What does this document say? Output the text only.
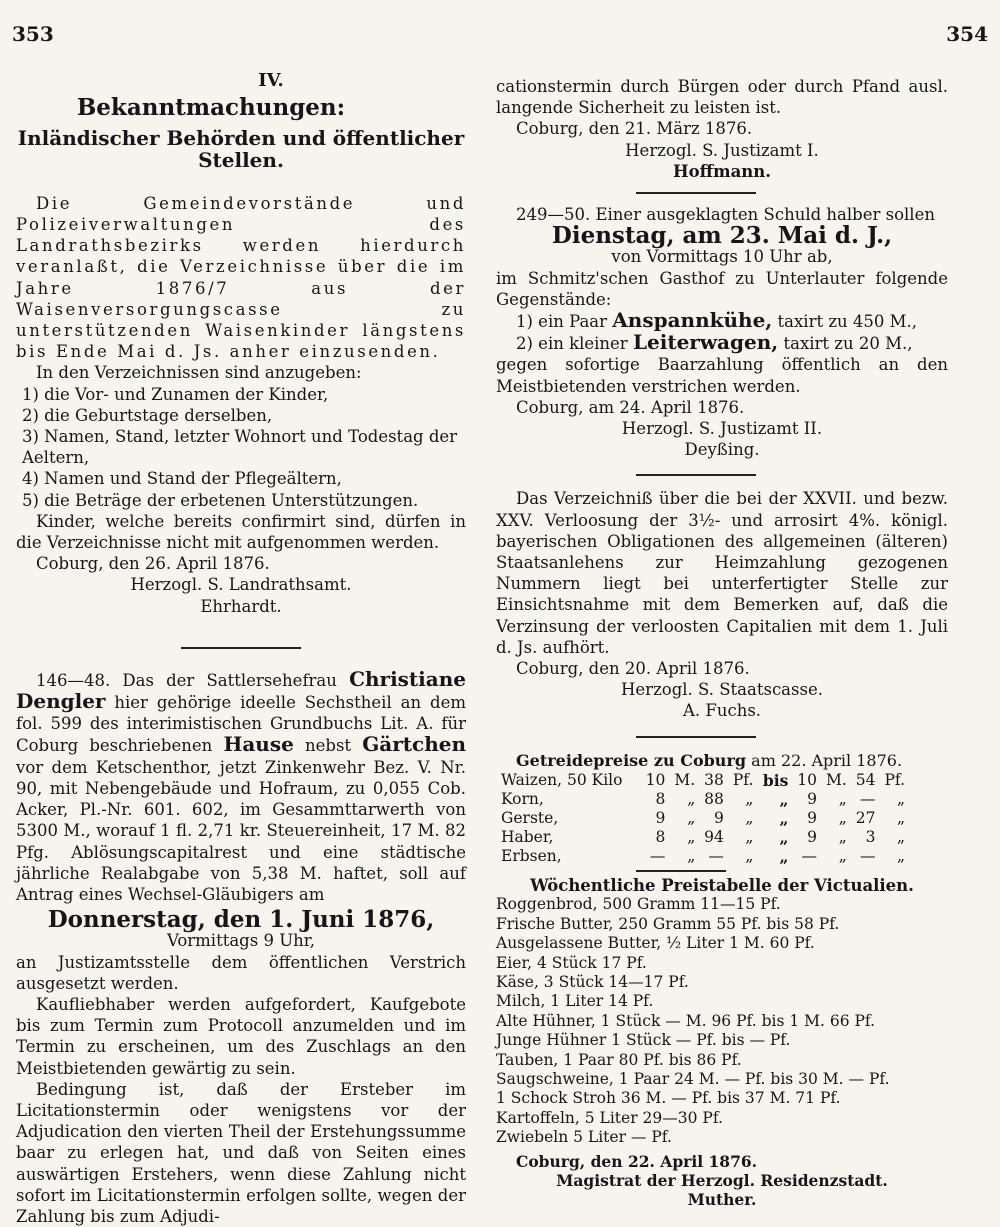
353	354

IV.

Bekanntmachungen:

Inländischer Behörden und öffentlicher Stellen.

Die Gemeindevorstände und Polizeiverwaltungen des Landrathsbezirks werden hierdurch veranlaßt, die Verzeichnisse über die im Jahre 1876/7 aus der Waisenversorgungscasse zu unterstützenden Waisenkinder längstens bis Ende Mai d. Js. anher einzusenden.

In den Verzeichnissen sind anzugeben:

1) die Vor- und Zunamen der Kinder,

2) die Geburtstage derselben,

3) Namen, Stand, letzter Wohnort und Todestag der Aeltern,

4) Namen und Stand der Pflegeältern,

5) die Beträge der erbetenen Unterstützungen.

Kinder, welche bereits confirmirt sind, dürfen in die Verzeichnisse nicht mit aufgenommen werden.

Coburg, den 26. April 1876.

Herzogl. S. Landrathsamt.

Ehrhardt.

146—48. Das der Sattlersehefrau Christiane Dengler hier gehörige ideelle Sechstheil an dem fol. 599 des interimistischen Grundbuchs Lit. A. für Coburg beschriebenen Hause nebst Gärtchen vor dem Ketschenthor, jetzt Zinkenwehr Bez. V. Nr. 90, mit Nebengebäude und Hofraum, zu 0,055 Cob. Acker, Pl.-Nr. 601. 602, im Gesammttarwerth von 5300 M., worauf 1 fl. 2,71 kr. Steuereinheit, 17 M. 82 Pfg. Ablösungscapitalrest und eine städtische jährliche Realabgabe von 5,38 M. haftet, soll auf Antrag eines Wechsel-Gläubigers am

Donnerstag, den 1. Juni 1876,

Vormittags 9 Uhr,

an Justizamtsstelle dem öffentlichen Verstrich ausgesetzt werden.

Kaufliebhaber werden aufgefordert, Kaufgebote bis zum Termin zum Protocoll anzumelden und im Termin zu erscheinen, um des Zuschlags an den Meistbietenden gewärtig zu sein.

Bedingung ist, daß der Ersteber im Licitationstermin oder wenigstens vor der Adjudication den vierten Theil der Erstehungssumme baar zu erlegen hat, und daß von Seiten eines auswärtigen Erstehers, wenn diese Zahlung nicht sofort im Licitationstermin erfolgen sollte, wegen der Zahlung bis zum Adjudi-

cationstermin durch Bürgen oder durch Pfand ausl. langende Sicherheit zu leisten ist.

Coburg, den 21. März 1876.

Herzogl. S. Justizamt I.

Hoffmann.

249—50. Einer ausgeklagten Schuld halber sollen

Dienstag, am 23. Mai d. J.,

von Vormittags 10 Uhr ab,

im Schmitz'schen Gasthof zu Unterlauter folgende Gegenstände:

1) ein Paar Anspannkühe, taxirt zu 450 M.,

2) ein kleiner Leiterwagen, taxirt zu 20 M.,

gegen sofortige Baarzahlung öffentlich an den Meistbietenden verstrichen werden.

Coburg, am 24. April 1876.

Herzogl. S. Justizamt II.

Deyßing.

Das Verzeichniß über die bei der XXVII. und bezw. XXV. Verloosung der 3½- und arrosirt 4%. königl. bayerischen Obligationen des allgemeinen (älteren) Staatsanlehens zur Heimzahlung gezogenen Nummern liegt bei unterfertigter Stelle zur Einsichtsnahme mit dem Bemerken auf, daß die Verzinsung der verloosten Capitalien mit dem 1. Juli d. Js. aufhört.

Coburg, den 20. April 1876.

Herzogl. S. Staatscasse.

A. Fuchs.

Getreidepreise zu Coburg am 22. April 1876.

Waizen, 50 Kilo	10	M.	38	Pf.	bis	10	M.	54	Pf.
Korn,	8	„	88	„	„	9	„	—	„
Gerste,	9	„	9	„	„	9	„	27	„
Haber,	8	„	94	„	„	9	„	3	„
Erbsen,	—	„	—	„	„	—	„	—	„

Wöchentliche Preistabelle der Victualien.

Roggenbrod, 500 Gramm 11—15 Pf.

Frische Butter, 250 Gramm 55 Pf. bis 58 Pf.

Ausgelassene Butter, ½ Liter 1 M. 60 Pf.

Eier, 4 Stück 17 Pf.

Käse, 3 Stück 14—17 Pf.

Milch, 1 Liter 14 Pf.

Alte Hühner, 1 Stück — M. 96 Pf. bis 1 M. 66 Pf.

Junge Hühner 1 Stück — Pf. bis — Pf.

Tauben, 1 Paar 80 Pf. bis 86 Pf.

Saugschweine, 1 Paar 24 M. — Pf. bis 30 M. — Pf.

1 Schock Stroh 36 M. — Pf. bis 37 M. 71 Pf.

Kartoffeln, 5 Liter 29—30 Pf.

Zwiebeln 5 Liter — Pf.

Coburg, den 22. April 1876.

Magistrat der Herzogl. Residenzstadt.

Muther.
